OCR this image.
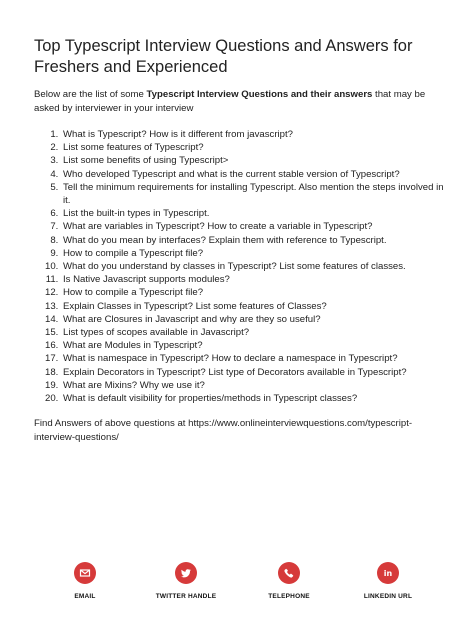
Top Typescript Interview Questions and Answers for Freshers and Experienced

Below are the list of some Typescript Interview Questions and their answers that may be asked by interviewer in your interview

1. What is Typescript? How is it different from javascript?
2. List some features of Typescript?
3. List some benefits of using Typescript>
4. Who developed Typescript and what is the current stable version of Typescript?
5. Tell the minimum requirements for installing Typescript. Also mention the steps involved in it.
6. List the built-in types in Typescript.
7. What are variables in Typescript? How to create a variable in Typescript?
8. What do you mean by interfaces? Explain them with reference to Typescript.
9. How to compile a Typescript file?
10. What do you understand by classes in Typescript? List some features of classes.
11. Is Native Javascript supports modules?
12. How to compile a Typescript file?
13. Explain Classes in Typescript? List some features of Classes?
14. What are Closures in Javascript and why are they so useful?
15. List types of scopes available in Javascript?
16. What are Modules in Typescript?
17. What is namespace in Typescript? How to declare a namespace in Typescript?
18. Explain Decorators in Typescript? List type of Decorators available in Typescript?
19. What are Mixins? Why we use it?
20. What is default visibility for properties/methods in Typescript classes?

Find Answers of above questions at https://www.onlineinterviewquestions.com/typescript-interview-questions/

EMAIL	TWITTER HANDLE	TELEPHONE
in
LINKEDIN URL
